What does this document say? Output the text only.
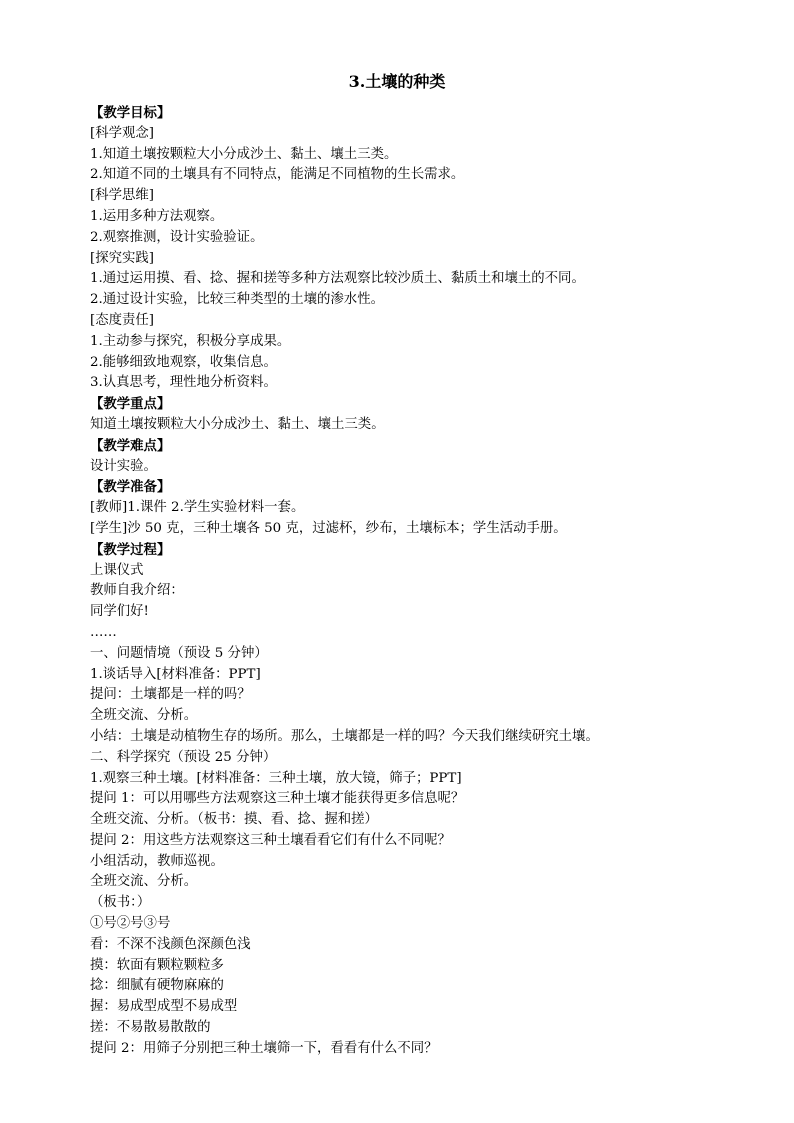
3.土壤的种类
【教学目标】
[科学观念]
1.知道土壤按颗粒大小分成沙土、黏土、壤土三类。
2.知道不同的土壤具有不同特点，能满足不同植物的生长需求。
[科学思维]
1.运用多种方法观察。
2.观察推测，设计实验验证。
[探究实践]
1.通过运用摸、看、捻、握和搓等多种方法观察比较沙质土、黏质土和壤土的不同。
2.通过设计实验，比较三种类型的土壤的渗水性。
[态度责任]
1.主动参与探究，积极分享成果。
2.能够细致地观察，收集信息。
3.认真思考，理性地分析资料。
【教学重点】
知道土壤按颗粒大小分成沙土、黏土、壤土三类。
【教学难点】
设计实验。
【教学准备】
[教师]1.课件 2.学生实验材料一套。
[学生]沙 50 克，三种土壤各 50 克，过滤杯，纱布，土壤标本；学生活动手册。
【教学过程】
上课仪式
教师自我介绍：
同学们好!
……
一、问题情境（预设 5 分钟）
1.谈话导入[材料准备：PPT]
提问：土壤都是一样的吗？
全班交流、分析。
小结：土壤是动植物生存的场所。那么，土壤都是一样的吗？今天我们继续研究土壤。
二、科学探究（预设 25 分钟）
1.观察三种土壤。[材料准备：三种土壤，放大镜，筛子；PPT]
提问 1：可以用哪些方法观察这三种土壤才能获得更多信息呢？
全班交流、分析。（板书：摸、看、捻、握和搓）
提问 2：用这些方法观察这三种土壤看看它们有什么不同呢？
小组活动，教师巡视。
全班交流、分析。
（板书：）
①号②号③号
看：不深不浅颜色深颜色浅
摸：软面有颗粒颗粒多
捻：细腻有硬物麻麻的
握：易成型成型不易成型
搓：不易散易散散的
提问 2：用筛子分别把三种土壤筛一下，看看有什么不同？
